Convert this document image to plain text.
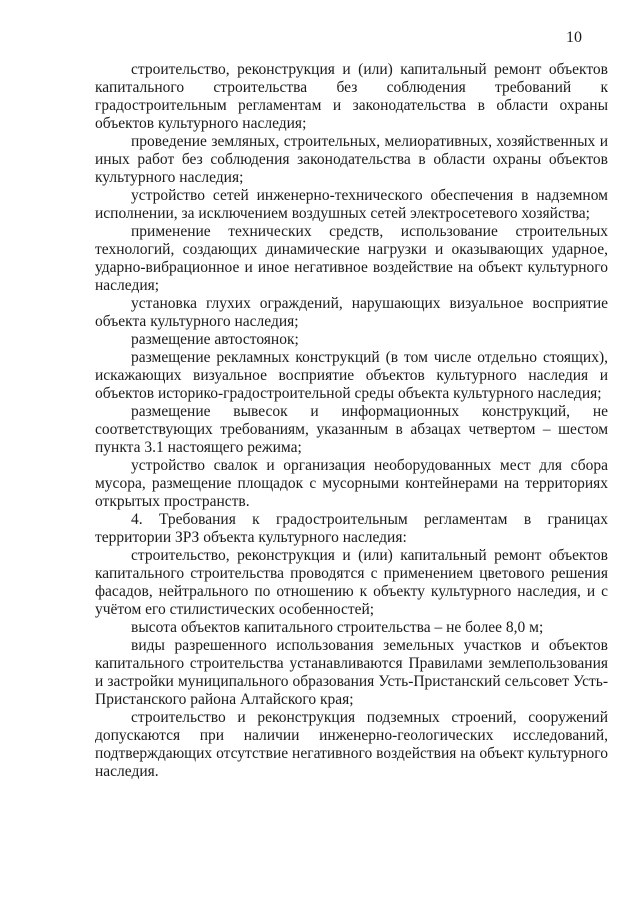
10

строительство, реконструкция и (или) капитальный ремонт объектов капитального строительства без соблюдения требований к градостроительным регламентам и законодательства в области охраны объектов культурного наследия;

проведение земляных, строительных, мелиоративных, хозяйственных и иных работ без соблюдения законодательства в области охраны объектов культурного наследия;

устройство сетей инженерно-технического обеспечения в надземном исполнении, за исключением воздушных сетей электросетевого хозяйства;

применение технических средств, использование строительных технологий, создающих динамические нагрузки и оказывающих ударное, ударно-вибрационное и иное негативное воздействие на объект культурного наследия;

установка глухих ограждений, нарушающих визуальное восприятие объекта культурного наследия;

размещение автостоянок;

размещение рекламных конструкций (в том числе отдельно стоящих), искажающих визуальное восприятие объектов культурного наследия и объектов историко-градостроительной среды объекта культурного наследия;

размещение вывесок и информационных конструкций, не соответствующих требованиям, указанным в абзацах четвертом – шестом пункта 3.1 настоящего режима;

устройство свалок и организация необорудованных мест для сбора мусора, размещение площадок с мусорными контейнерами на территориях открытых пространств.

4. Требования к градостроительным регламентам в границах территории ЗРЗ объекта культурного наследия:

строительство, реконструкция и (или) капитальный ремонт объектов капитального строительства проводятся с применением цветового решения фасадов, нейтрального по отношению к объекту культурного наследия, и с учётом его стилистических особенностей;

высота объектов капитального строительства – не более 8,0 м;

виды разрешенного использования земельных участков и объектов капитального строительства устанавливаются Правилами землепользования и застройки муниципального образования Усть-Пристанский сельсовет Усть-Пристанского района Алтайского края;

строительство и реконструкция подземных строений, сооружений допускаются при наличии инженерно-геологических исследований, подтверждающих отсутствие негативного воздействия на объект культурного наследия.
